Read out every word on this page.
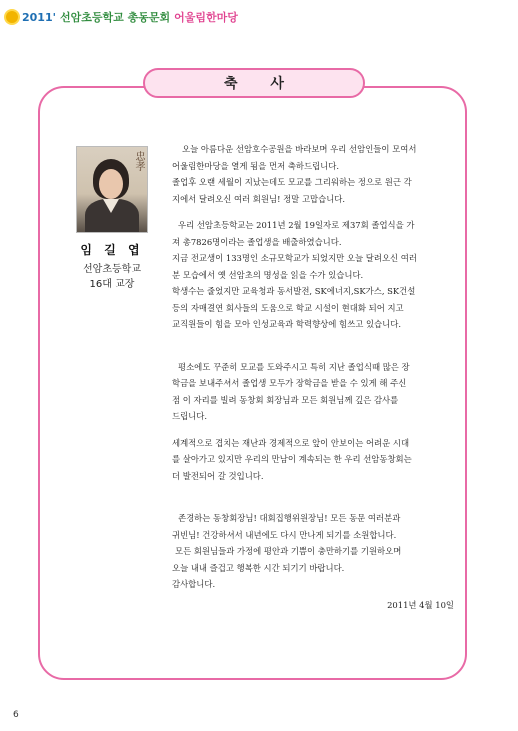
2011' 선암초등학교 총동문회 어울림한마당
축 사
忠孝
임 길 엽
선암초등학교
16대 교장

오늘 아름다운 선암호수공원을 바라보며 우리 선암인들이 모여서

어울림한마당을 열게 됨을 먼저 축하드립니다.

졸업후 오랜 세월이 지났는데도 모교를 그리워하는 정으로 원근 각

지에서 달려오신 여러 회원님! 정말 고맙습니다.

우리 선암초등학교는 2011년 2월 19일자로 제37회 졸업식을 가

져 총7826명이라는 졸업생을 배출하였습니다.

지금 전교생이 133명인 소규모학교가 되었지만 오늘 달려오신 여러

분 모습에서 옛 선암초의 명성을 읽을 수가 있습니다.

학생수는 줄었지만 교육청과 동서발전, SK에너지,SK가스, SK건설

등의 자매결연 회사들의 도움으로 학교 시설이 현대화 되어 지고

교직원들이 힘을 모아 인성교육과 학력향상에 힘쓰고 있습니다.

평소에도 꾸준히 모교를 도와주시고 특히 지난 졸업식때 많은 장

학금을 보내주셔서 졸업생 모두가 장학금을 받을 수 있게 해 주신

점 이 자리를 빌려 동창회 회장님과 모든 회원님께 깊은 감사를

드립니다.

세계적으로 겹치는 재난과 경제적으로 앞이 안보이는 어려운 시대

를 살아가고 있지만 우리의 만남이 계속되는 한 우리 선암동창회는

더 발전되어 갈 것입니다.

존경하는 동창회장님! 대회집행위원장님! 모든 동문 여러분과

귀빈님! 건강하셔서 내년에도 다시 만나게 되기를 소원합니다.

모든 회원님들과 가정에 평안과 기쁨이 충만하기를 기원하오며

오늘 내내 즐겁고 행복한 시간 되기기 바랍니다.

감사합니다.

2011년 4월 10일

6
